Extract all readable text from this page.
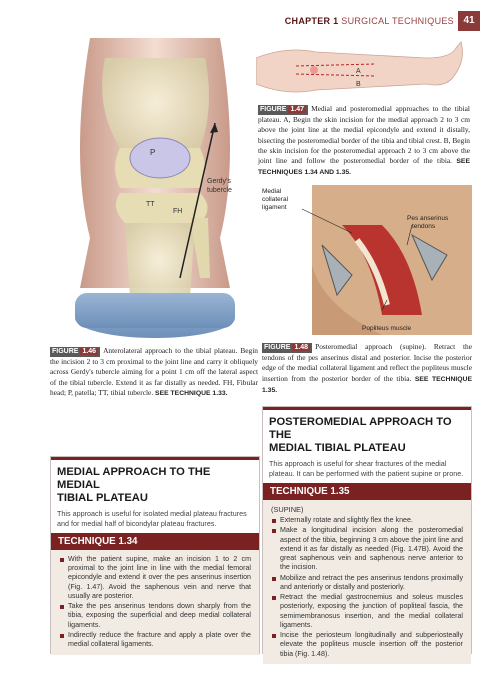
CHAPTER 1 SURGICAL TECHNIQUES 41
P
TT
FH
Gerdy's
tubercle
A
B
FIGURE 1.47 Medial and posteromedial approaches to the tibial plateau. A, Begin the skin incision for the medial approach 2 to 3 cm above the joint line at the medial epicondyle and extend it distally, bisecting the posteromedial border of the tibia and tibial crest. B, Begin the skin incision for the posteromedial approach 2 to 3 cm above the joint line and follow the posteromedial border of the tibia. SEE TECHNIQUES 1.34 AND 1.35.
Medial
collateral
ligament
Pes anserinus
tendons
Popliteus muscle
FIGURE 1.46 Anterolateral approach to the tibial plateau. Begin the incision 2 to 3 cm proximal to the joint line and carry it obliquely across Gerdy's tubercle aiming for a point 1 cm off the lateral aspect of the tibial tubercle. Extend it as far distally as needed. FH, Fibular head; P, patella; TT, tibial tubercle. SEE TECHNIQUE 1.33.
FIGURE 1.48 Posteromedial approach (supine). Retract the tendons of the pes anserinus distal and posterior. Incise the posterior edge of the medial collateral ligament and reflect the popliteus muscle insertion from the posterior border of the tibia. SEE TECHNIQUE 1.35.
MEDIAL APPROACH TO THE MEDIAL
TIBIAL PLATEAU
This approach is useful for isolated medial plateau fractures and for medial half of bicondylar plateau fractures.
TECHNIQUE 1.34
With the patient supine, make an incision 1 to 2 cm proximal to the joint line in line with the medial femoral epicondyle and extend it over the pes anserinus insertion (Fig. 1.47). Avoid the saphenous vein and nerve that usually are posterior.
Take the pes anserinus tendons down sharply from the tibia, exposing the superficial and deep medial collateral ligaments.
Indirectly reduce the fracture and apply a plate over the medial collateral ligaments.
POSTEROMEDIAL APPROACH TO THE
MEDIAL TIBIAL PLATEAU
This approach is useful for shear fractures of the medial plateau. It can be performed with the patient supine or prone.
TECHNIQUE 1.35
(SUPINE)
Externally rotate and slightly flex the knee.
Make a longitudinal incision along the posteromedial aspect of the tibia, beginning 3 cm above the joint line and extend it as far distally as needed (Fig. 1.47B). Avoid the great saphenous vein and saphenous nerve anterior to the incision.
Mobilize and retract the pes anserinus tendons proximally and anteriorly or distally and posteriorly.
Retract the medial gastrocnemius and soleus muscles posteriorly, exposing the junction of popliteal fascia, the semimembranosus insertion, and the medial collateral ligaments.
Incise the periosteum longitudinally and subperiosteally elevate the popliteus muscle insertion off the posterior tibia (Fig. 1.48).
